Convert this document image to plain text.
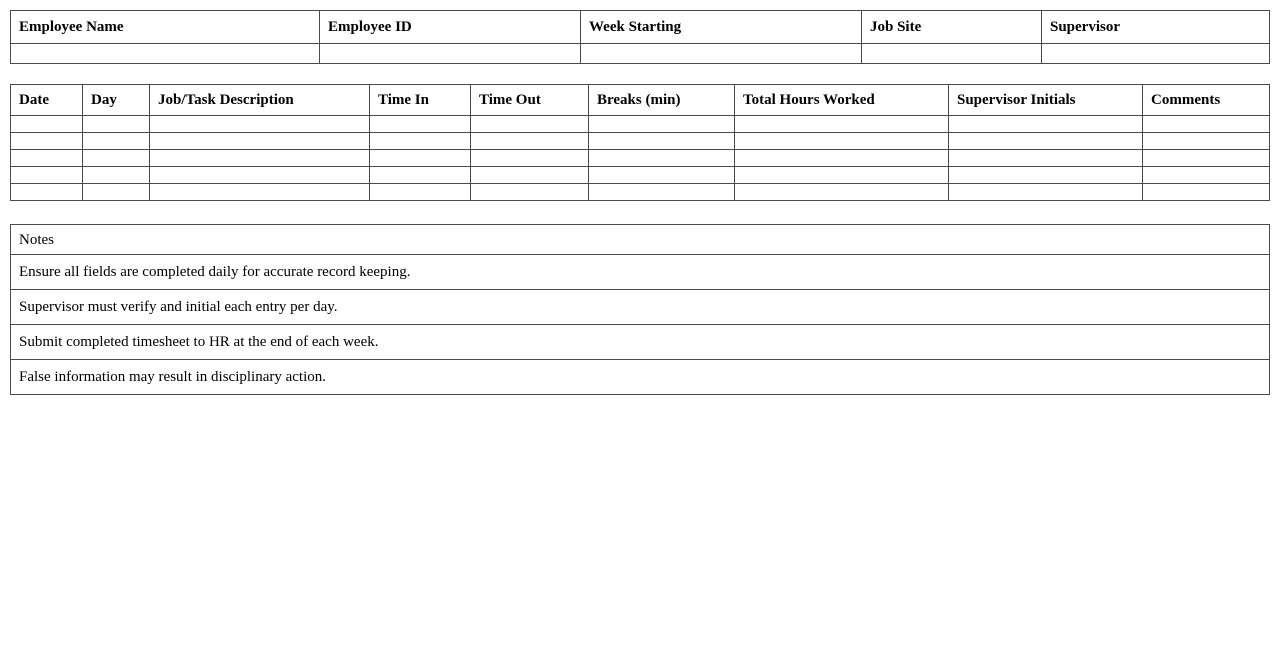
Employee Name	Employee ID	Week Starting	Job Site	Supervisor

Date	Day	Job/Task Description	Time In	Time Out	Breaks (min)	Total Hours Worked	Supervisor Initials	Comments

Notes
Ensure all fields are completed daily for accurate record keeping.
Supervisor must verify and initial each entry per day.
Submit completed timesheet to HR at the end of each week.
False information may result in disciplinary action.
